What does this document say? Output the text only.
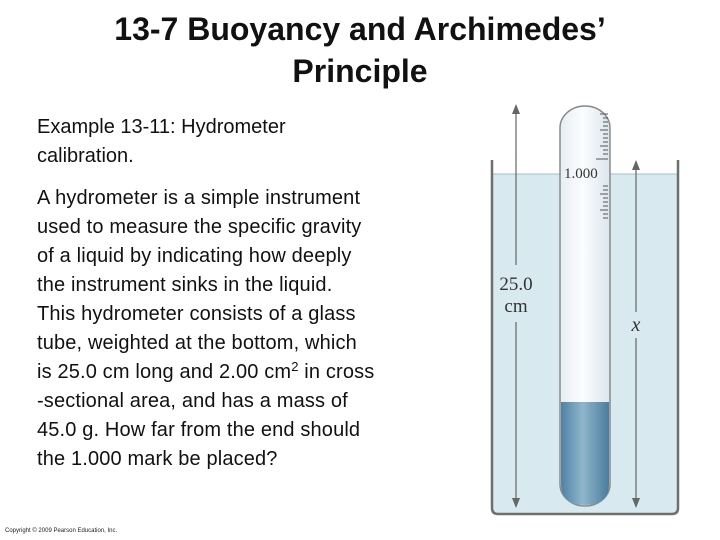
13-7 Buoyancy and Archimedes’
Principle

Example 13-11: Hydrometer
calibration.

A hydrometer is a simple instrument
used to measure the specific gravity
of a liquid by indicating how deeply
the instrument sinks in the liquid.
This hydrometer consists of a glass
tube, weighted at the bottom, which
is 25.0 cm long and 2.00 $cm^2$ in cross
-sectional area, and has a mass of
45.0 g. How far from the end should
the 1.000 mark be placed?

Copyright © 2009 Pearson Education, Inc.
1.000
25.0
cm
x
